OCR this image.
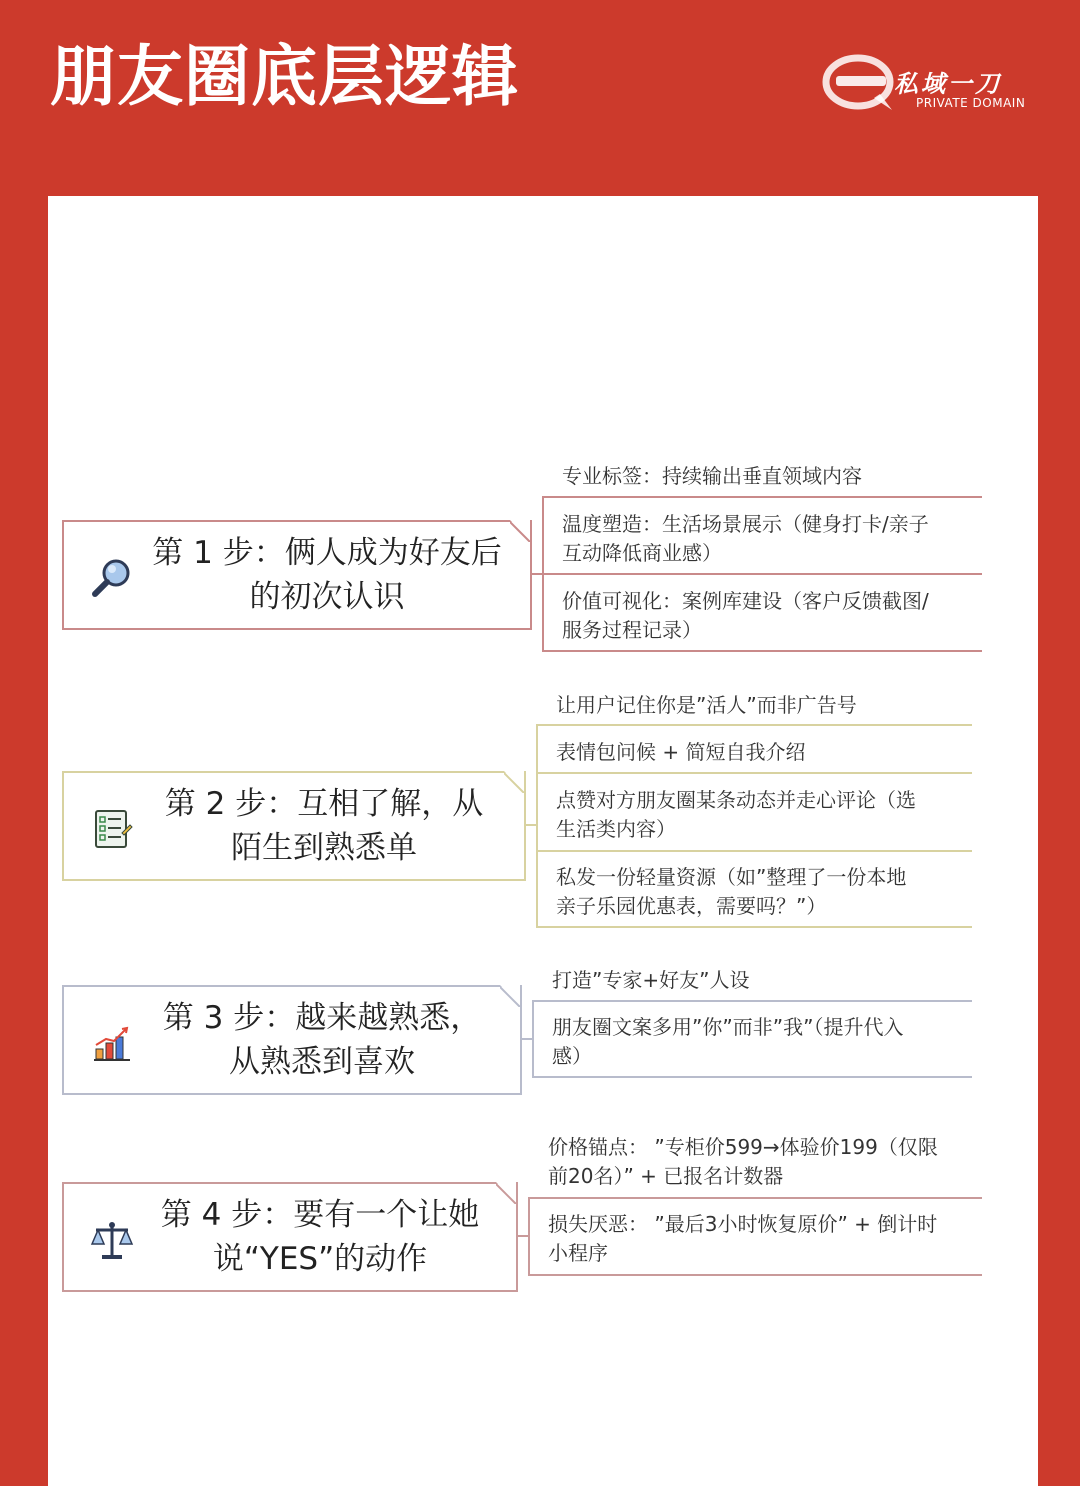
朋友圈底层逻辑	私域一刀
PRIVATE DOMAIN
第 1 步：俩人成为好友后
的初次认识
专业标签：持续输出垂直领域内容
温度塑造：生活场景展示（健身打卡/亲子
互动降低商业感）
价值可视化：案例库建设（客户反馈截图/
服务过程记录）
第 2 步：互相了解，从
陌生到熟悉单
让用户记住你是”活人”而非广告号
表情包问候 + 简短自我介绍
点赞对方朋友圈某条动态并走心评论（选
生活类内容）
私发一份轻量资源（如”整理了一份本地
亲子乐园优惠表，需要吗？”）
第 3 步：越来越熟悉，
从熟悉到喜欢
打造”专家+好友”人设
朋友圈文案多用”你”而非”我”（提升代入
感）
第 4 步：要有一个让她
说“YES”的动作
价格锚点： ”专柜价599→体验价199（仅限
前20名）” + 已报名计数器
损失厌恶： ”最后3小时恢复原价” + 倒计时
小程序
